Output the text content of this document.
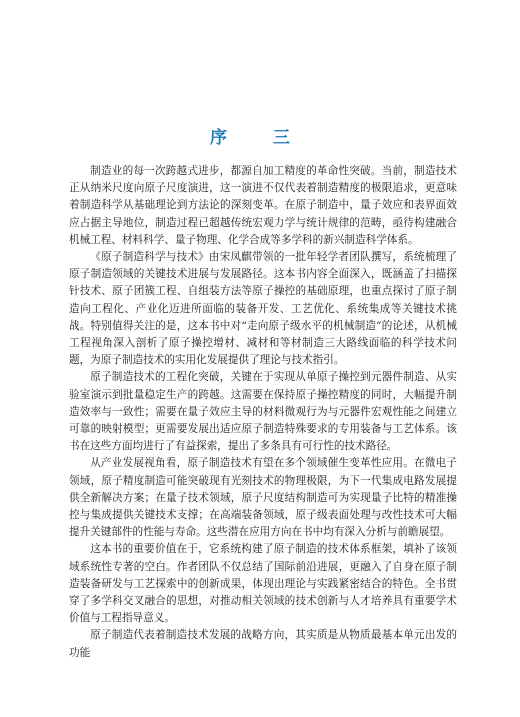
序 三

制造业的每一次跨越式进步，都源自加工精度的革命性突破。当前，制造技术正从纳米尺度向原子尺度演进，这一演进不仅代表着制造精度的极限追求，更意味着制造科学从基础理论到方法论的深刻变革。在原子制造中，量子效应和表界面效应占据主导地位，制造过程已超越传统宏观力学与统计规律的范畴，亟待构建融合机械工程、材料科学、量子物理、化学合成等多学科的新兴制造科学体系。

《原子制造科学与技术》由宋凤麒带领的一批年轻学者团队撰写，系统梳理了原子制造领域的关键技术进展与发展路径。这本书内容全面深入，既涵盖了扫描探针技术、原子团簇工程、自组装方法等原子操控的基础原理，也重点探讨了原子制造向工程化、产业化迈进所面临的装备开发、工艺优化、系统集成等关键技术挑战。特别值得关注的是，这本书中对“走向原子级水平的机械制造”的论述，从机械工程视角深入剖析了原子操控增材、减材和等材制造三大路线面临的科学技术问题，为原子制造技术的实用化发展提供了理论与技术指引。

原子制造技术的工程化突破，关键在于实现从单原子操控到元器件制造、从实验室演示到批量稳定生产的跨越。这需要在保持原子操控精度的同时，大幅提升制造效率与一致性；需要在量子效应主导的材料微观行为与元器件宏观性能之间建立可靠的映射模型；更需要发展出适应原子制造特殊要求的专用装备与工艺体系。该书在这些方面均进行了有益探索，提出了多条具有可行性的技术路径。

从产业发展视角看，原子制造技术有望在多个领域催生变革性应用。在微电子领域，原子精度制造可能突破现有光刻技术的物理极限，为下一代集成电路发展提供全新解决方案；在量子技术领域，原子尺度结构制造可为实现量子比特的精准操控与集成提供关键技术支撑；在高端装备领域，原子级表面处理与改性技术可大幅提升关键部件的性能与寿命。这些潜在应用方向在书中均有深入分析与前瞻展望。

这本书的重要价值在于，它系统构建了原子制造的技术体系框架，填补了该领域系统性专著的空白。作者团队不仅总结了国际前沿进展，更融入了自身在原子制造装备研发与工艺探索中的创新成果，体现出理论与实践紧密结合的特色。全书贯穿了多学科交叉融合的思想，对推动相关领域的技术创新与人才培养具有重要学术价值与工程指导意义。

原子制造代表着制造技术发展的战略方向，其实质是从物质最基本单元出发的功能
